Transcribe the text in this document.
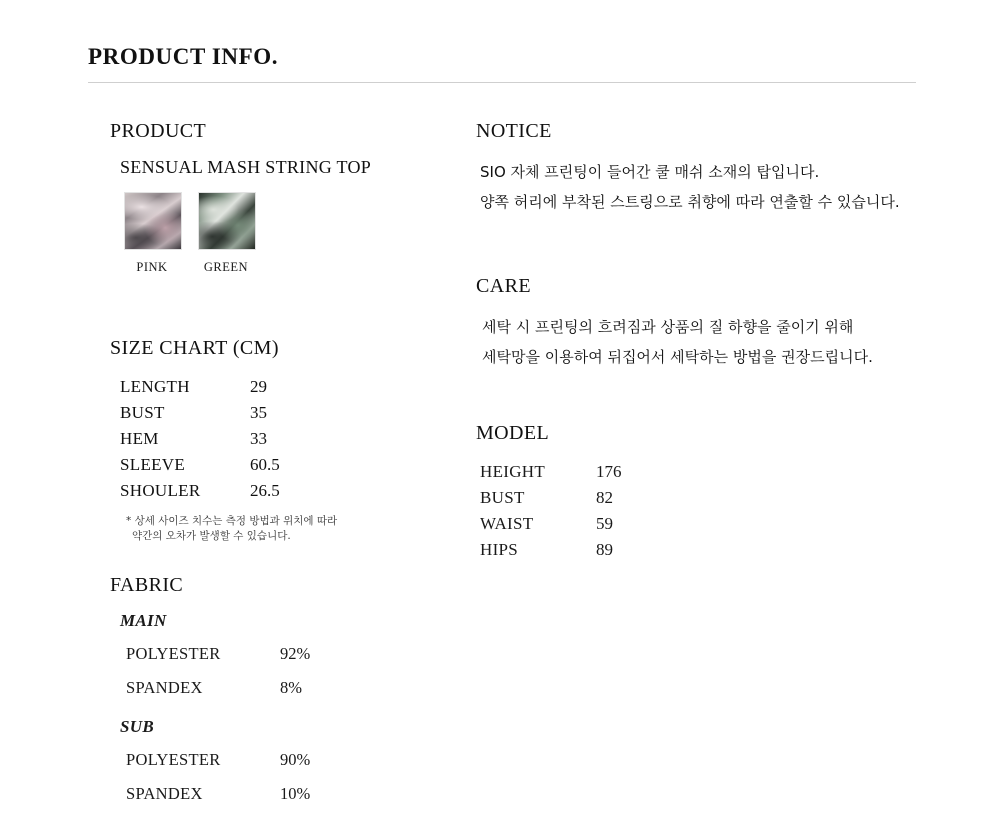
PRODUCT INFO.
PRODUCT
SENSUAL MASH STRING TOP
PINK	GREEN
SIZE CHART (CM)
LENGTH	29
BUST	35
HEM	33
SLEEVE	60.5
SHOULER	26.5
* 상세 사이즈 치수는 측정 방법과 위치에 따라
약간의 오차가 발생할 수 있습니다.
FABRIC
MAIN
POLYESTER	92%
SPANDEX	8%
SUB
POLYESTER	90%
SPANDEX	10%
NOTICE
SIO 자체 프린팅이 들어간 쿨 매쉬 소재의 탑입니다.
양쪽 허리에 부착된 스트링으로 취향에 따라 연출할 수 있습니다.
CARE
세탁 시 프린팅의 흐려짐과 상품의 질 하향을 줄이기 위해
세탁망을 이용하여 뒤집어서 세탁하는 방법을 권장드립니다.
MODEL
HEIGHT	176
BUST	82
WAIST	59
HIPS	89
